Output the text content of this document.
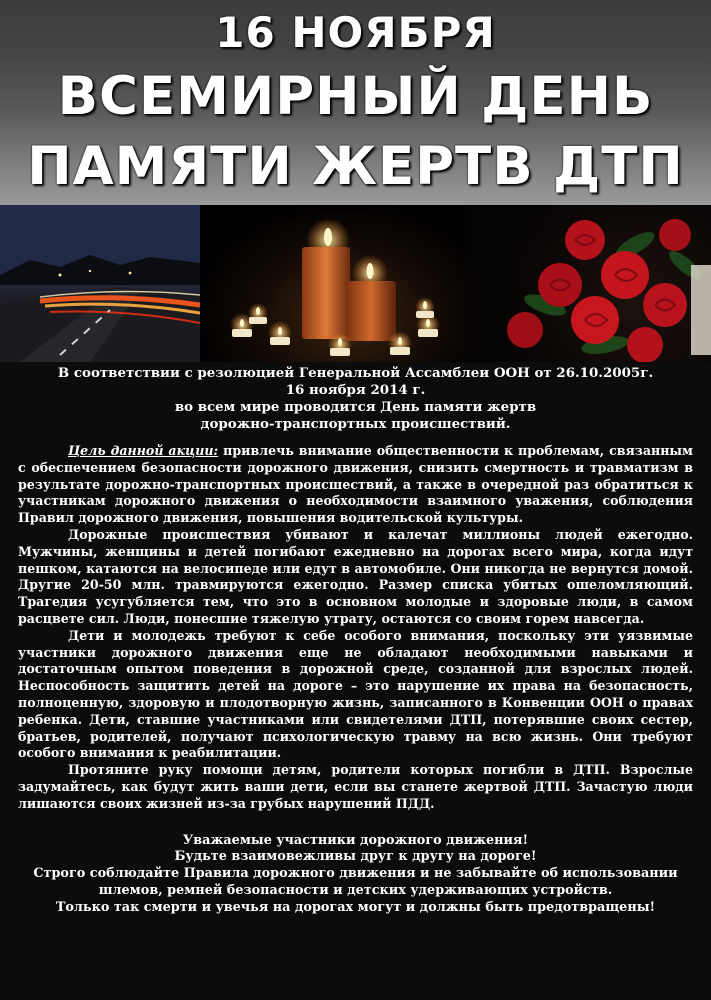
16 НОЯБРЯ
ВСЕМИРНЫЙ ДЕНЬ
ПАМЯТИ ЖЕРТВ ДТП
В соответствии с резолюцией Генеральной Ассамблеи ООН от 26.10.2005г.
16 ноября 2014 г.
во всем мире проводится День памяти жертв
дорожно-транспортных происшествий.

Цель данной акции: привлечь внимание общественности к проблемам, связанным с обеспечением безопасности дорожного движения, снизить смертность и травматизм в результате дорожно-транспортных происшествий, а также в очередной раз обратиться к участникам дорожного движения о необходимости взаимного уважения, соблюдения Правил дорожного движения, повышения водительской культуры.

Дорожные происшествия убивают и калечат миллионы людей ежегодно. Мужчины, женщины и детей погибают ежедневно на дорогах всего мира, когда идут пешком, катаются на велосипеде или едут в автомобиле. Они никогда не вернутся домой. Другие 20-50 млн. травмируются ежегодно. Размер списка убитых ошеломляющий. Трагедия усугубляется тем, что это в основном молодые и здоровые люди, в самом расцвете сил. Люди, понесшие тяжелую утрату, остаются со своим горем навсегда.

Дети и молодежь требуют к себе особого внимания, поскольку эти уязвимые участники дорожного движения еще не обладают необходимыми навыками и достаточным опытом поведения в дорожной среде, созданной для взрослых людей. Неспособность защитить детей на дороге – это нарушение их права на безопасность, полноценную, здоровую и плодотворную жизнь, записанного в Конвенции ООН о правах ребенка. Дети, ставшие участниками или свидетелями ДТП, потерявшие своих сестер, братьев, родителей, получают психологическую травму на всю жизнь. Они требуют особого внимания к реабилитации.

Протяните руку помощи детям, родители которых погибли в ДТП. Взрослые задумайтесь, как будут жить ваши дети, если вы станете жертвой ДТП. Зачастую люди лишаются своих жизней из-за грубых нарушений ПДД.

Уважаемые участники дорожного движения!
Будьте взаимовежливы друг к другу на дороге!
Строго соблюдайте Правила дорожного движения и не забывайте об использовании
шлемов, ремней безопасности и детских удерживающих устройств.
Только так смерти и увечья на дорогах могут и должны быть предотвращены!
